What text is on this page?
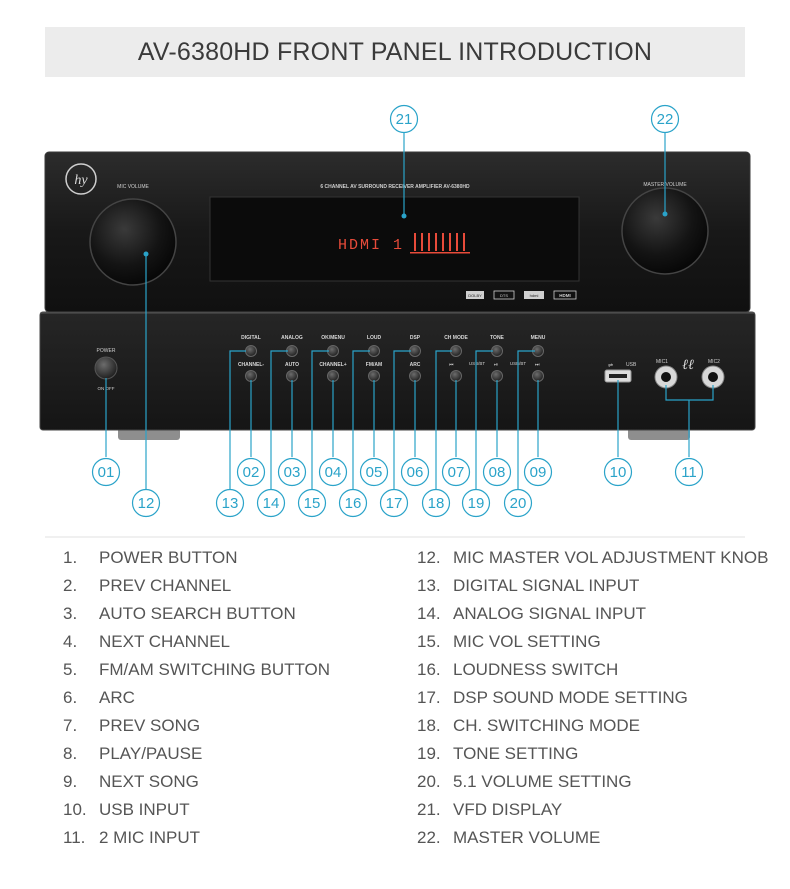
AV-6380HD FRONT PANEL INTRODUCTION
hy	MIC VOLUME	MASTER VOLUME
6 CHANNEL AV SURROUND RECEIVER AMPLIFIER AV-6380HD
HDMI 1
DOLBY	DTS	hdmi	HDMI
POWER
ON OFF
DIGITAL	ANALOG	OK/MENU	LOUD	DSP	CH MODE	TONE	MENU
CHANNEL-	AUTO	CHANNEL+	FM/AM	ARC	USB/BT	USB/BT
⏮	⏯	⏭	⇌	USB	MIC1 ℓℓ	MIC2
21	22
01	02 03 04 05 06 07 08 09	10	11
12	13 14 15 16 17 18 19 20
1. POWER BUTTON
2. PREV CHANNEL
3. AUTO SEARCH BUTTON
4. NEXT CHANNEL
5. FM/AM SWITCHING BUTTON
6. ARC
7. PREV SONG
8. PLAY/PAUSE
9. NEXT SONG
10. USB INPUT
11. 2 MIC INPUT
12. MIC MASTER VOL ADJUSTMENT KNOB
13. DIGITAL SIGNAL INPUT
14. ANALOG SIGNAL INPUT
15. MIC VOL SETTING
16. LOUDNESS SWITCH
17. DSP SOUND MODE SETTING
18. CH. SWITCHING MODE
19. TONE SETTING
20. 5.1 VOLUME SETTING
21. VFD DISPLAY
22. MASTER VOLUME
